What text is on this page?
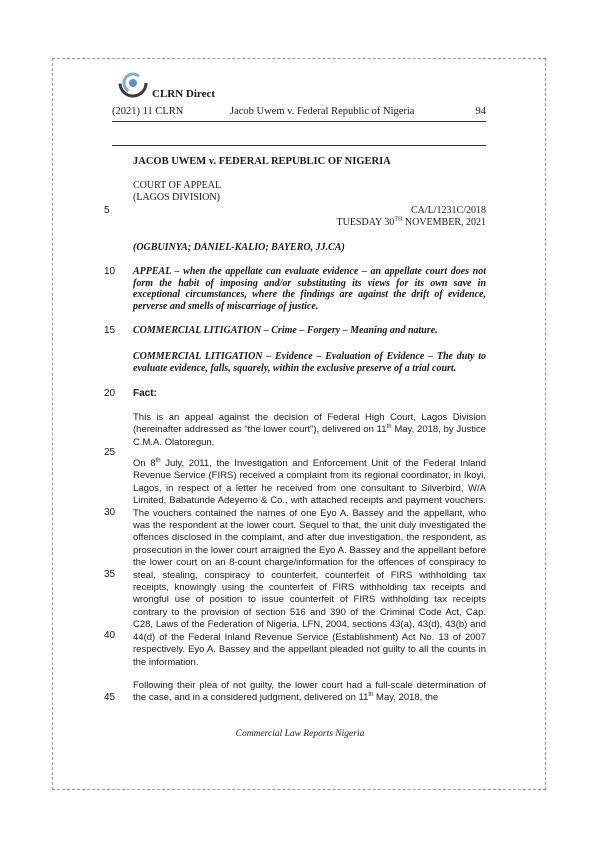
CLRN Direct
(2021) 11 CLRN	Jacob Uwem v. Federal Republic of Nigeria	94
JACOB UWEM v. FEDERAL REPUBLIC OF NIGERIA
COURT OF APPEAL
(LAGOS DIVISION)
CA/L/1231C/2018
TUESDAY 30TH NOVEMBER, 2021
(OGBUINYA; DANIEL-KALIO; BAYERO, JJ.CA)
APPEAL – when the appellate can evaluate evidence – an appellate court does not form the habit of imposing and/or substituting its views for its own save in exceptional circumstances, where the findings are against the drift of evidence, perverse and smells of miscarriage of justice.
COMMERCIAL LITIGATION – Crime – Forgery – Meaning and nature.
COMMERCIAL LITIGATION – Evidence – Evaluation of Evidence – The duty to evaluate evidence, falls, squarely, within the exclusive preserve of a trial court.
Fact:
This is an appeal against the decision of Federal High Court, Lagos Division (hereinafter addressed as “the lower court”), delivered on 11th May, 2018, by Justice C.M.A. Olatoregun.
On 8th July, 2011, the Investigation and Enforcement Unit of the Federal Inland Revenue Service (FIRS) received a complaint from its regional coordinator, in Ikoyi, Lagos, in respect of a letter he received from one consultant to Silverbird, W/A Limited, Babatunde Adeyemo & Co., with attached receipts and payment vouchers. The vouchers contained the names of one Eyo A. Bassey and the appellant, who was the respondent at the lower court. Sequel to that, the unit duly investigated the offences disclosed in the complaint, and after due investigation, the respondent, as prosecution in the lower court arraigned the Eyo A. Bassey and the appellant before the lower court on an 8-count charge/information for the offences of conspiracy to steal, stealing, conspiracy to counterfeit, counterfeit of FIRS withholding tax receipts, knowingly using the counterfeit of FIRS withholding tax receipts and wrongful use of position to issue counterfeit of FIRS withholding tax receipts contrary to the provision of section 516 and 390 of the Criminal Code Act, Cap. C28, Laws of the Federation of Nigeria, LFN, 2004, sections 43(a), 43(d), 43(b) and 44(d) of the Federal Inland Revenue Service (Establishment) Act No. 13 of 2007 respectively. Eyo A. Bassey and the appellant pleaded not guilty to all the counts in the information.
Following their plea of not guilty, the lower court had a full-scale determination of the case, and in a considered judgment, delivered on 11th May, 2018, the
5
10
15
20
25
30
35
40
45
Commercial Law Reports Nigeria
